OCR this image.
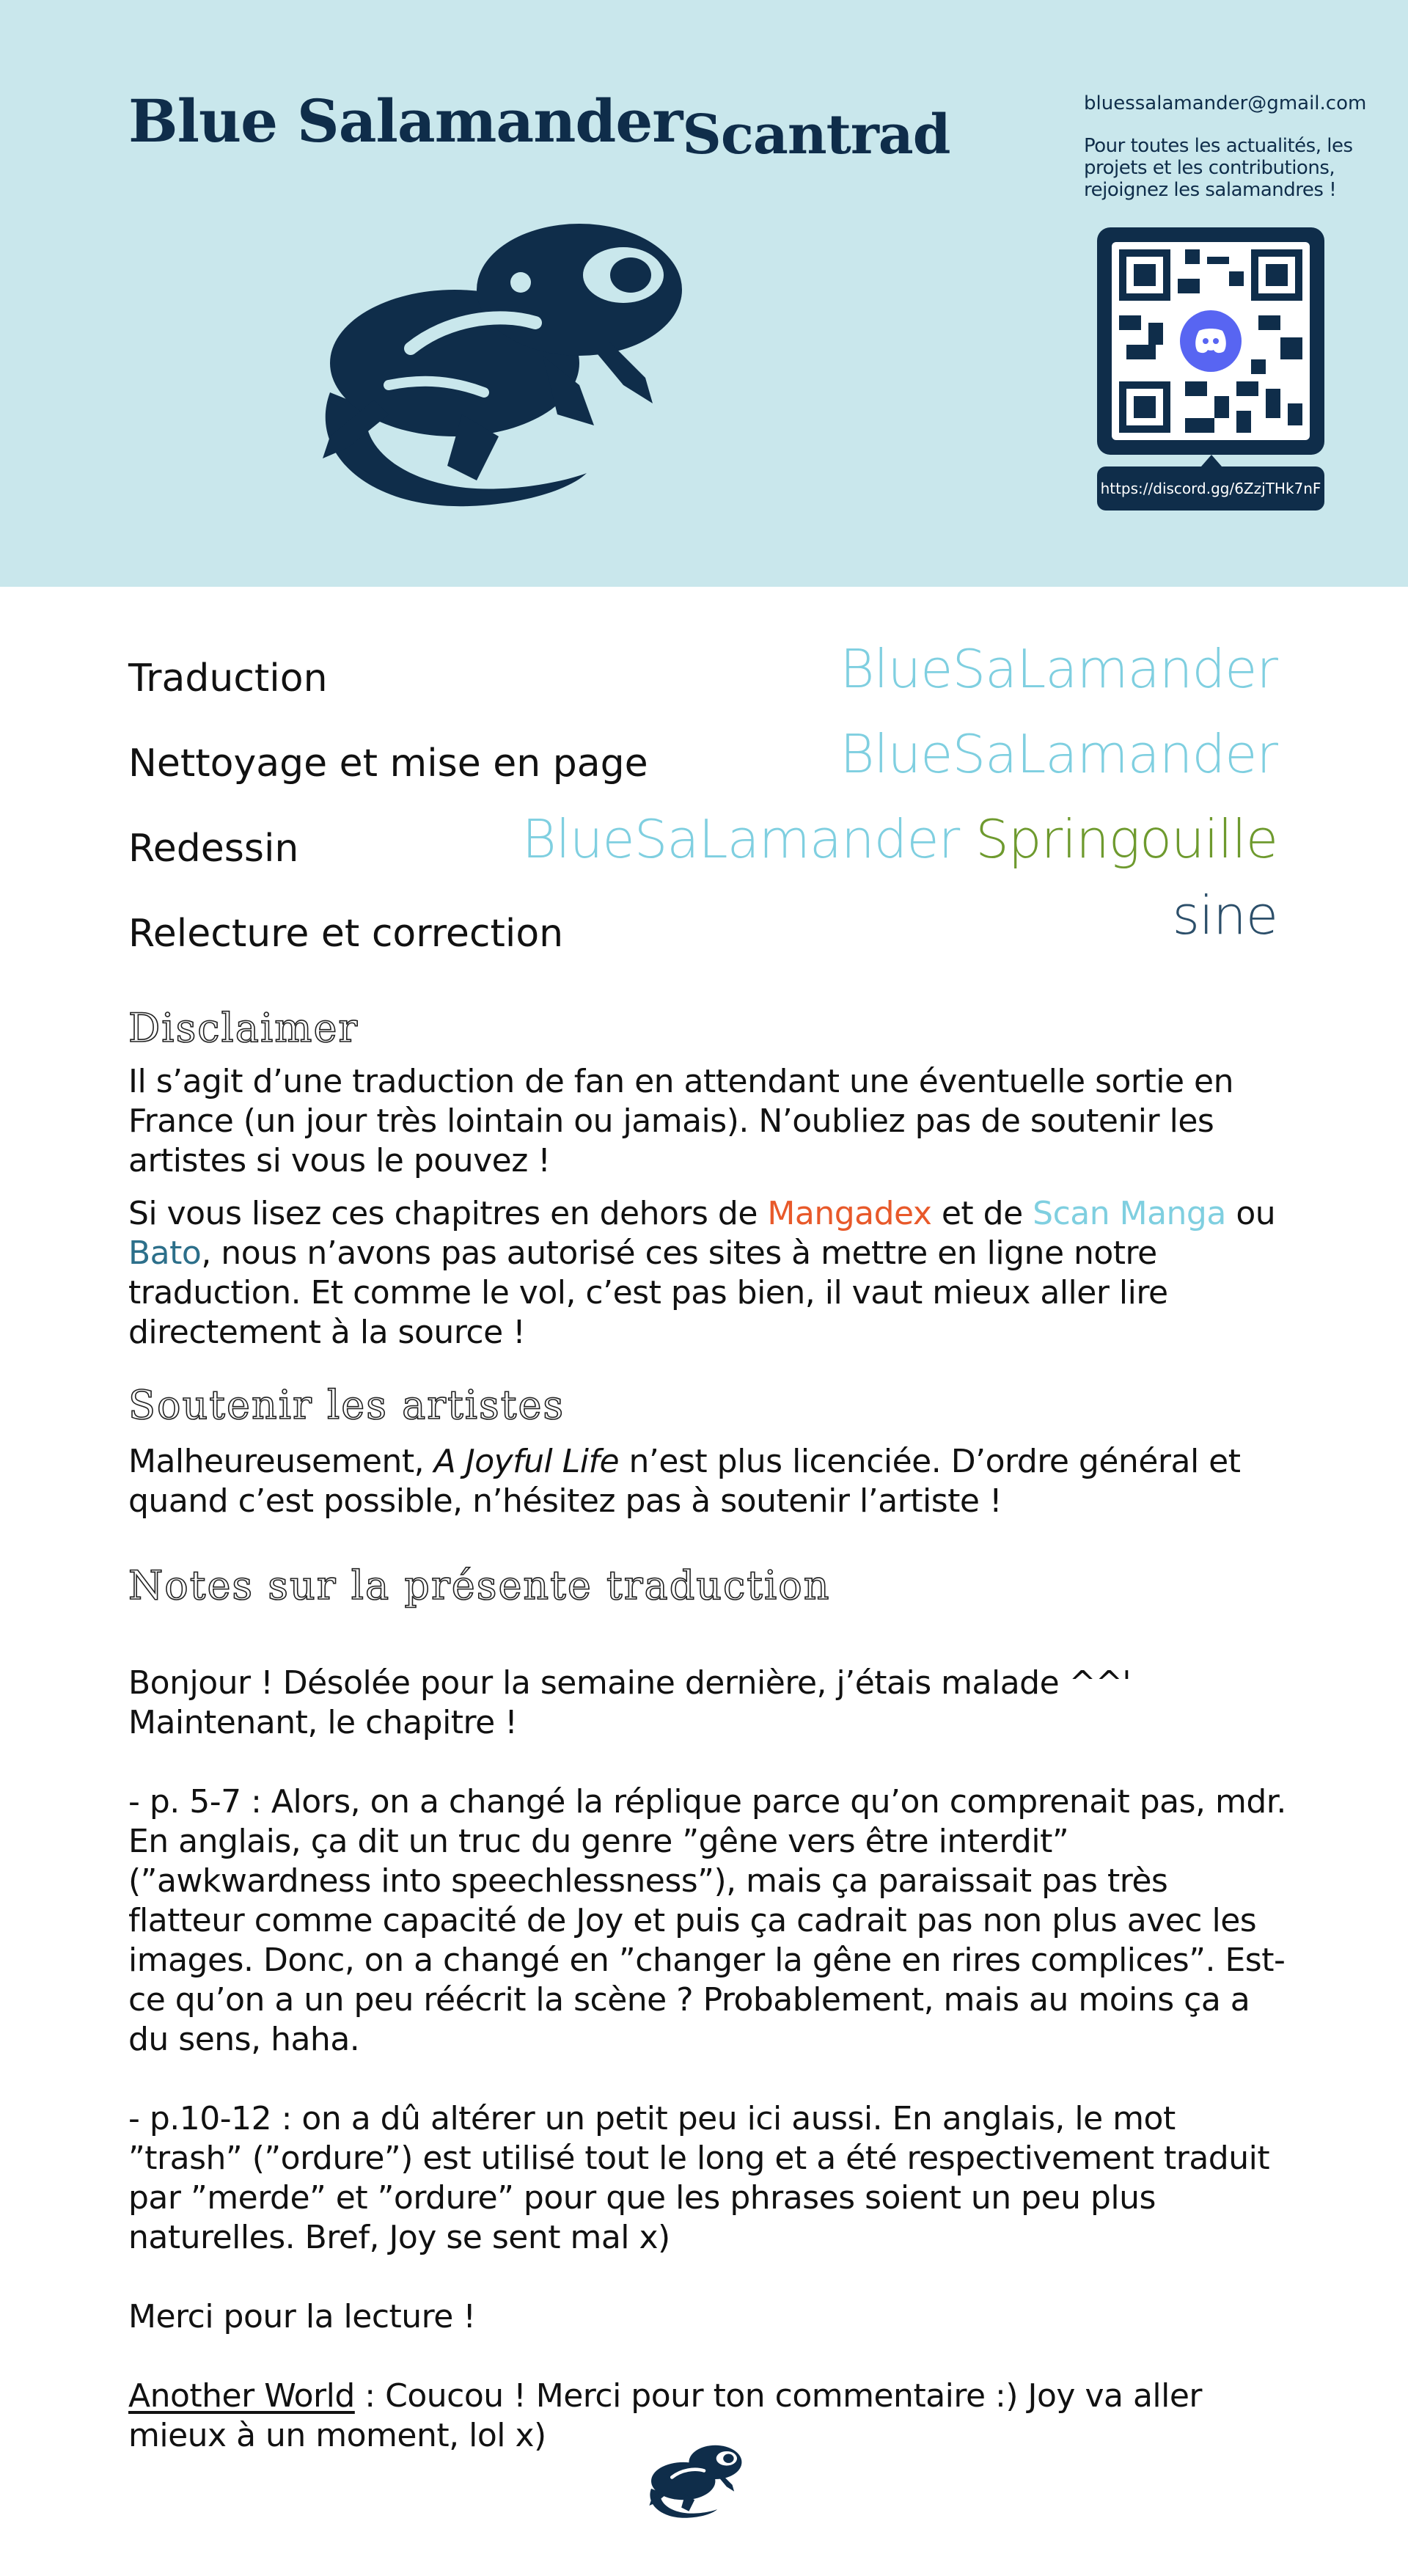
Blue SalamanderScantrad	bluessalamander@gmail.com
Pour toutes les actualités, les projets et les contributions, rejoignez les salamandres !
https://discord.gg/6ZzjTHk7nF
Traduction
Nettoyage et mise en page
Redessin
Relecture et correction
BlueSaLamander
BlueSaLamander
BlueSaLamander Springouille
sine
Disclaimer

Il s’agit d’une traduction de fan en attendant une éventuelle sortie en France (un jour très lointain ou jamais). N’oubliez pas de soutenir les artistes si vous le pouvez !

Si vous lisez ces chapitres en dehors de Mangadex et de Scan Manga ou Bato, nous n’avons pas autorisé ces sites à mettre en ligne notre traduction. Et comme le vol, c’est pas bien, il vaut mieux aller lire directement à la source !

Soutenir les artistes

Malheureusement, A Joyful Life n’est plus licenciée. D’ordre général et quand c’est possible, n’hésitez pas à soutenir l’artiste !

Notes sur la présente traduction

Bonjour ! Désolée pour la semaine dernière, j’étais malade ^^' Maintenant, le chapitre !

- p. 5-7 : Alors, on a changé la réplique parce qu’on comprenait pas, mdr. En anglais, ça dit un truc du genre ”gêne vers être interdit” (”awkwardness into speechlessness”), mais ça paraissait pas très flatteur comme capacité de Joy et puis ça cadrait pas non plus avec les images. Donc, on a changé en ”changer la gêne en rires complices”. Est-ce qu’on a un peu réécrit la scène ? Probablement, mais au moins ça a du sens, haha.

- p.10-12 : on a dû altérer un petit peu ici aussi. En anglais, le mot ”trash” (”ordure”) est utilisé tout le long et a été respectivement traduit par ”merde” et ”ordure” pour que les phrases soient un peu plus naturelles. Bref, Joy se sent mal x)

Merci pour la lecture !

Another World : Coucou ! Merci pour ton commentaire :) Joy va aller mieux à un moment, lol x)
